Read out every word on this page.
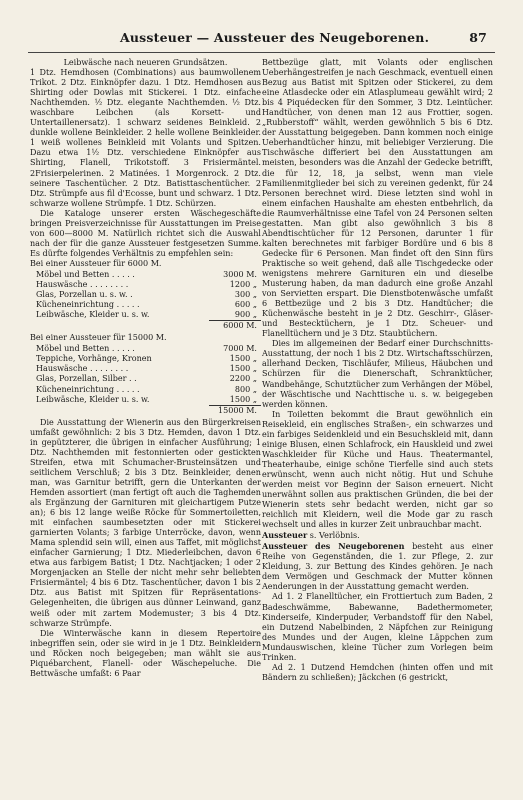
Aussteuer — Aussteuer des Neugeborenen.	87

Leibwäsche nach neueren Grundsätzen.

1 Dtz. Hemdhosen (Combinations) aus baumwollenem Trikot. 2 Dtz. Einknöpfer dazu. 1 Dtz. Hemdhosen aus Shirting oder Dowlas mit Stickerei. 1 Dtz. einfache Nachthemden. ½ Dtz. elegante Nachthemden. ½ Dtz. waschbare Leibchen (als Korsett- und Untertaillenersatz). 1 schwarz seidenes Beinkleid. 2 dunkle wollene Beinkleider. 2 helle wollene Beinkleider. 1 weiß wollenes Beinkleid mit Volants und Spitzen. Dazu etwa 1½ Dtz. verschiedene Einknöpfer aus Shirting, Flanell, Trikotstoff. 3 Frisiermäntel. 2Frisierpelerinen. 2 Matinées. 1 Morgenrock. 2 Dtz. seinere Taschentücher. 2 Dtz. Batisttaschentücher. 2 Dtz. Strümpfe aus fil d'Ecosse, bunt und schwarz. 1 Dtz. schwarze wollene Strümpfe. 1 Dtz. Schürzen.

Die Kataloge unserer ersten Wäschegeschäfte bringen Preisverzeichnisse für Ausstattungen im Preise von 600—8000 M. Natürlich richtet sich die Auswahl nach der für die ganze Aussteuer festgesetzen Summe. Es dürfte folgendes Verhältnis zu empfehlen sein:

Bei einer Aussteuer für 6000 M.

Möbel und Betten . . . . .	3000 M.
Hauswäsche . . . . . . . .	1200 „
Glas, Porzellan u. s. w. .	300 „
Kücheneinrichtung . . . . .	600 „
Leibwäsche, Kleider u. s. w.	900 „
6000 M.

Bei einer Aussteuer für 15000 M.

Möbel und Betten . . . . .	7000 M.
Teppiche, Vorhänge, Kronen	1500 „
Hauswäsche . . . . . . . .	1500 „
Glas, Porzellan, Silber . .	2200 „
Kücheneinrichtung . . . . .	800 „
Leibwäsche, Kleider u. s. w.	1500 „
15000 M.

Die Ausstattung der Wienerin aus den Bürgerkreisen umfaßt gewöhnlich: 2 bis 3 Dtz. Hemden, davon 1 Dtz. in gepützterer, die übrigen in einfacher Ausführung; 1 Dtz. Nachthemden mit festonnierten oder gestickten Streifen, etwa mit Schumacher-Brusteinsätzen und seitlichem Verschluß; 2 bis 3 Dtz. Beinkleider, denen man, was Garnitur betrifft, gern die Unterkanten der Hemden assortiert (man fertigt oft auch die Taghemden als Ergänzung der Garnituren mit gleichartigem Putze an); 6 bis 12 lange weiße Röcke für Sommertoiletten, mit einfachen saumbesetzten oder mit Stickerei garnierten Volants; 3 farbige Unterröcke, davon, wenn Mama splendid sein will, einen aus Taffet, mit möglichst einfacher Garnierung; 1 Dtz. Miederleibchen, davon 6 etwa aus farbigem Batist; 1 Dtz. Nachtjacken; 1 oder 2 Morgenjacken an Stelle der nicht mehr sehr beliebten Frisiermäntel; 4 bis 6 Dtz. Taschentücher, davon 1 bis 2 Dtz. aus Batist mit Spitzen für Repräsentations-Gelegenheiten, die übrigen aus dünner Leinwand, ganz weiß oder mit zartem Modemuster; 3 bis 4 Dtz. schwarze Strümpfe.

Die Winterwäsche kann in diesem Repertoire inbegriffen sein, oder sie wird in je 1 Dtz. Beinkleidern und Röcken noch beigegeben; man wählt sie aus Piquébarchent, Flanell- oder Wäschepeluche. Die Bettwäsche umfaßt: 6 Paar

Bettbezüge glatt, mit Volants oder englischen Ueberhängestreifen je nach Geschmack, eventuell einen Bezug aus Batist mit Spitzen oder Stickerei, zu dem eine Atlasdecke oder ein Atlasplumeau gewählt wird; 2 bis 4 Piquédecken für den Sommer, 3 Dtz. Leintücher. Handtücher, von denen man 12 aus Frottier, sogen. „Rubberstoff“ wählt, werden gewöhnlich 5 bis 6 Dtz. der Ausstattung beigegeben. Dann kommen noch einige Ueberhandtücher hinzu, mit beliebiger Verzierung. Die Tischwäsche differiert bei den Ausstattungen am meisten, besonders was die Anzahl der Gedecke betrifft, die für 12, 18, ja selbst, wenn man viele Familienmitglieder bei sich zu vereinen gedenkt, für 24 Personen berechnet wird. Diese letzten sind wohl in einem einfachen Haushalte am ehesten entbehrlich, da die Raumverhältnisse eine Tafel von 24 Personen selten gestatten. Man gibt also gewöhnlich 3 bis 8 Abendtischtücher für 12 Personen, darunter 1 für kalten berechnetes mit farbiger Bordüre und 6 bis 8 Gedecke für 6 Personen. Man findet oft den Sinn fürs Praktische so weit gehend, daß alle Tischgedecke oder wenigstens mehrere Garnituren ein und dieselbe Musterung haben, da man dadurch eine große Anzahl von Servietten erspart. Die Dienstbotenwäsche umfaßt 6 Bettbezüge und 2 bis 3 Dtz. Handtücher; die Küchenwäsche besteht in je 2 Dtz. Geschirr-, Gläser- und Bestecktüchern, je 1 Dtz. Scheuer- und Flanelltüchern und je 3 Dtz. Staubtüchern.

Dies im allgemeinen der Bedarf einer Durchschnitts-Ausstattung, der noch 1 bis 2 Dtz. Wirtschaftsschürzen, allerhand Decken, Tischläufer, Milieus, Häubchen und Schürzen für die Dienerschaft, Schranktücher, Wandbehänge, Schutztücher zum Verhängen der Möbel, der Wäschtische und Nachttische u. s. w. beigegeben werden können.

In Toiletten bekommt die Braut gewöhnlich ein Reisekleid, ein englisches Straßen-, ein schwarzes und ein farbiges Seidenkleid und ein Besuchskleid mit, dann einige Blusen, einen Schlafrock, ein Hauskleid und zwei Waschkleider für Küche und Haus. Theatermantel, Theaterhaube, einige schöne Tierfelle sind auch stets erwünscht, wenn auch nicht nötig. Hut und Schuhe werden meist vor Beginn der Saison erneuert. Nicht unerwähnt sollen aus praktischen Gründen, die bei der Wienerin stets sehr bedacht werden, nicht gar so reichlich mit Kleidern, weil die Mode gar zu rasch wechselt und alles in kurzer Zeit unbrauchbar macht.

Aussteuer s. Verlöbnis.

Aussteuer des Neugeborenen besteht aus einer Reihe von Gegenständen, die 1. zur Pflege, 2. zur Kleidung, 3. zur Bettung des Kindes gehören. Je nach dem Vermögen und Geschmack der Mutter können Aenderungen in der Ausstattung gemacht werden.

Ad 1. 2 Flanelltücher, ein Frottiertuch zum Baden, 2 Badeschwämme, Babewanne, Badethermometer, Kinderseife, Kinderpuder, Verbandstoff für den Nabel, ein Dutzend Nabelbinden, 2 Näpfchen zur Reinigung des Mundes und der Augen, kleine Läppchen zum Mundauswischen, kleine Tücher zum Vorlegen beim Trinken.

Ad 2. 1 Dutzend Hemdchen (hinten offen und mit Bändern zu schließen); Jäckchen (6 gestrickt,
